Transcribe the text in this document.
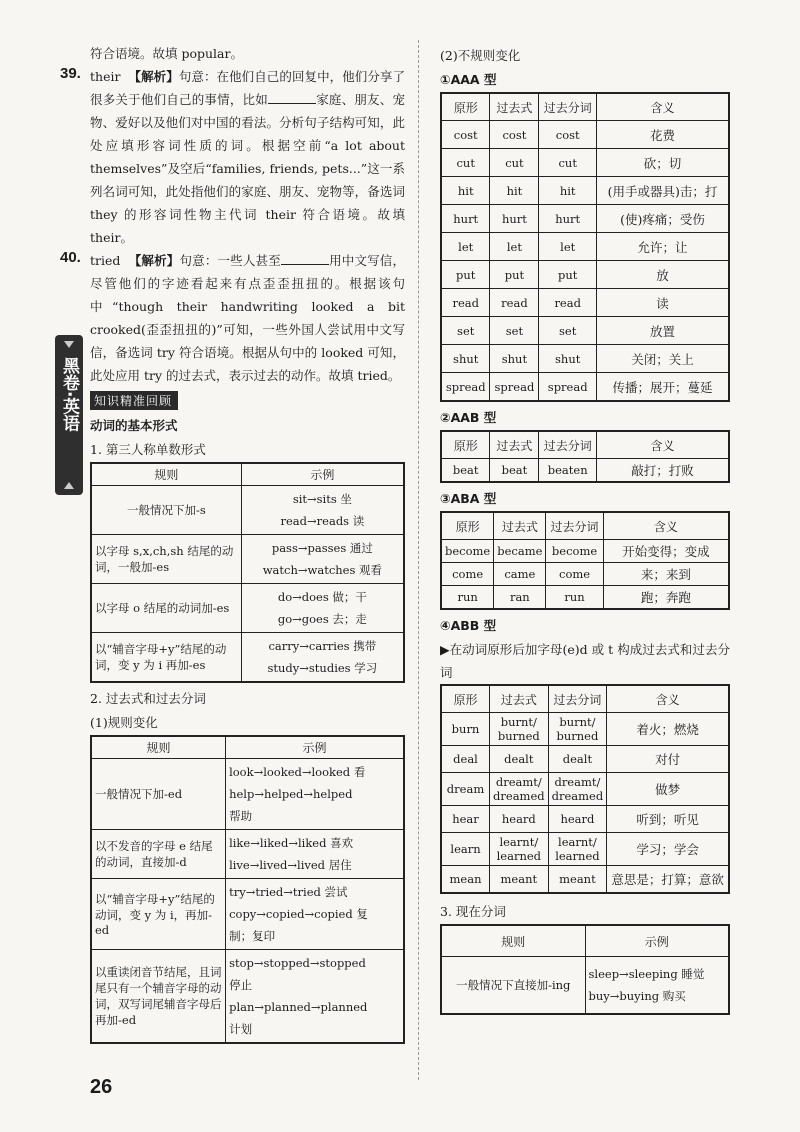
黑卷·英语

符合语境。故填 popular。

39. their 【解析】句意：在他们自己的回复中，他们分享了很多关于他们自己的事情，比如	家庭、朋友、宠物、爱好以及他们对中国的看法。分析句子结构可知，此处应填形容词性质的词。根据空前“a lot about themselves”及空后“families, friends, pets...”这一系列名词可知，此处指他们的家庭、朋友、宠物等，备选词 they 的形容词性物主代词 their 符合语境。故填 their。

40. tried 【解析】句意：一些人甚至	用中文写信，尽管他们的字迹看起来有点歪歪扭扭的。根据该句中“though their handwriting looked a bit crooked(歪歪扭扭的)”可知，一些外国人尝试用中文写信，备选词 try 符合语境。根据从句中的 looked 可知，此处应用 try 的过去式，表示过去的动作。故填 tried。

知识精准回顾

动词的基本形式

1. 第三人称单数形式

规则	示例
一般情况下加-s	sit→sits 坐
read→reads 读

以字母 s,x,ch,sh 结尾的动词，一般加-es	pass→passes 通过
watch→watches 观看

以字母 o 结尾的动词加-es	do→does 做；干
go→goes 去；走

以“辅音字母+y”结尾的动词，变 y 为 i 再加-es	carry→carries 携带
study→studies 学习

2. 过去式和过去分词

(1)规则变化

规则	示例
一般情况下加-ed	look→looked→looked 看
help→helped→helped
帮助

以不发音的字母 e 结尾的动词，直接加-d	like→liked→liked 喜欢
live→lived→lived 居住

以“辅音字母+y”结尾的动词，变 y 为 i，再加-ed	try→tried→tried 尝试
copy→copied→copied 复
制；复印

以重读闭音节结尾，且词尾只有一个辅音字母的动词，双写词尾辅音字母后再加-ed	stop→stopped→stopped
停止
plan→planned→planned
计划

(2)不规则变化

①AAA 型

原形	过去式	过去分词	含义
cost	cost	cost	花费
cut	cut	cut	砍；切
hit	hit	hit	(用手或器具)击；打
hurt	hurt	hurt	(使)疼痛；受伤
let	let	let	允许；让
put	put	put	放
read	read	read	读
set	set	set	放置
shut	shut	shut	关闭；关上
spread	spread	spread	传播；展开；蔓延

②AAB 型

原形	过去式	过去分词	含义
beat	beat	beaten	敲打；打败

③ABA 型

原形	过去式	过去分词	含义
become	became	become	开始变得；变成
come	came	come	来；来到
run	ran	run	跑；奔跑

④ABB 型

▶在动词原形后加字母(e)d 或 t 构成过去式和过去分词

原形	过去式	过去分词	含义
burn	burnt/ burned	burnt/ burned	着火；燃烧
deal	dealt	dealt	对付
dream	dreamt/ dreamed	dreamt/ dreamed	做梦
hear	heard	heard	听到；听见
learn	learnt/ learned	learnt/ learned	学习；学会
mean	meant	meant	意思是；打算；意欲

3. 现在分词

规则	示例
一般情况下直接加-ing	sleep→sleeping 睡觉
buy→buying 购买
26
